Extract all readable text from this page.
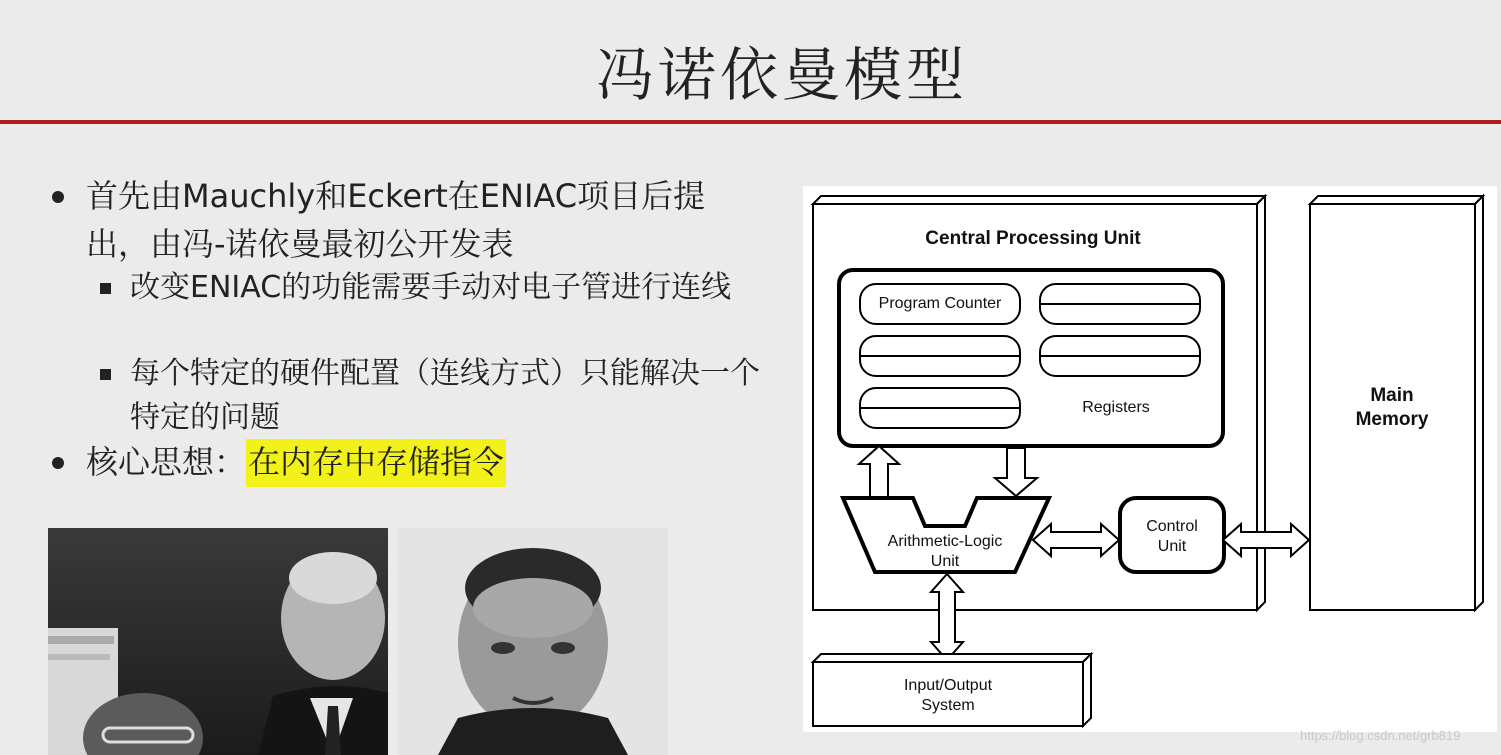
冯诺依曼模型
首先由Mauchly和Eckert在ENIAC项目后提出，由冯-诺依曼最初公开发表
改变ENIAC的功能需要手动对电子管进行连线
每个特定的硬件配置（连线方式）只能解决一个特定的问题
核心思想：在内存中存储指令
Central Processing Unit
Program Counter
Registers
Arithmetic-Logic
Unit
Control
Unit
Main
Memory
Input/Output
System
https://blog.csdn.net/grb819
